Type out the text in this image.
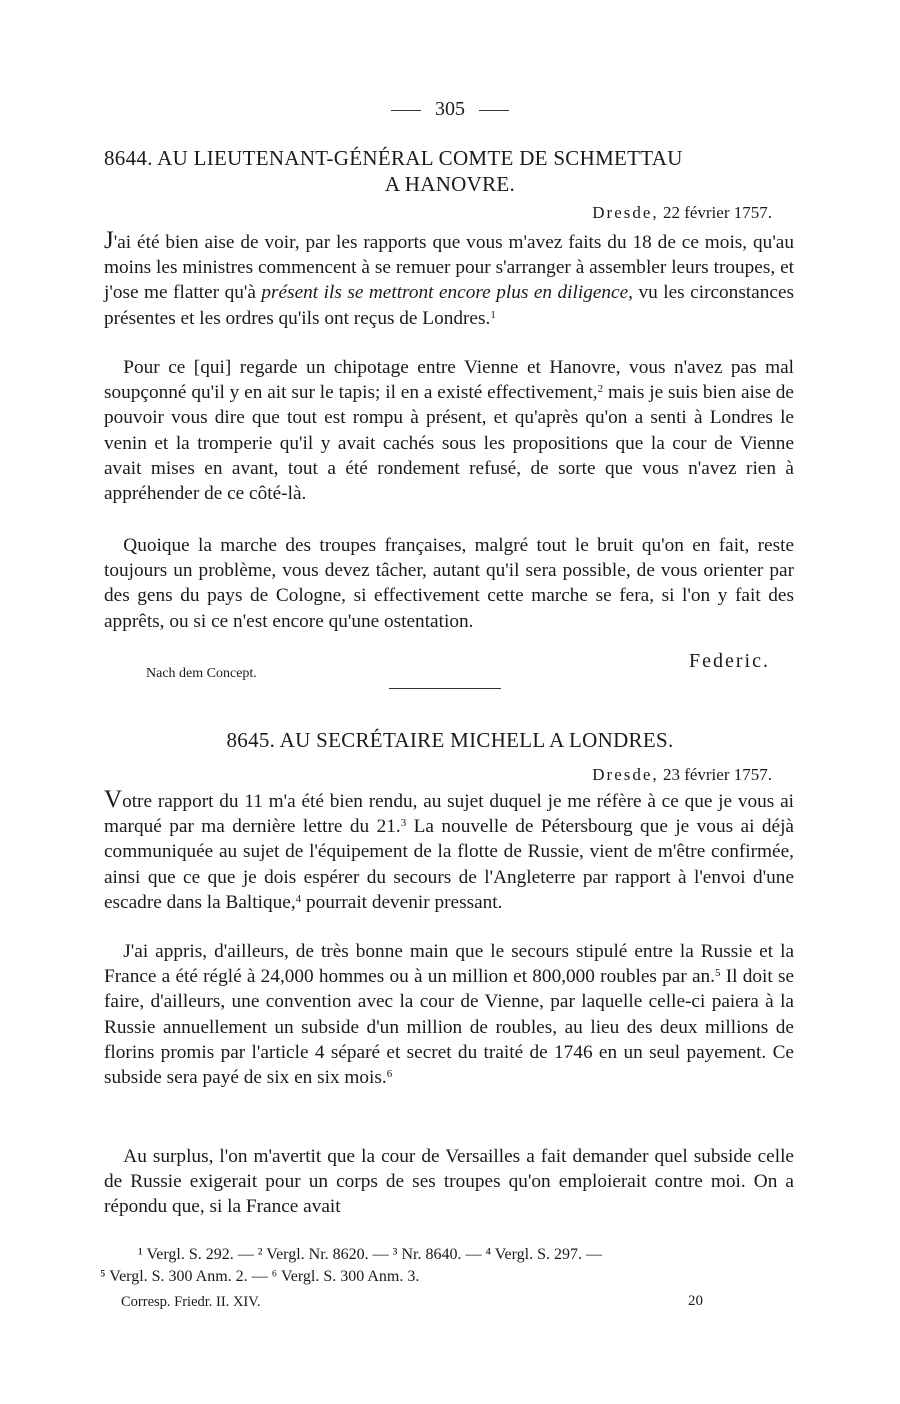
305
8644. AU LIEUTENANT-GÉNÉRAL COMTE DE SCHMETTAU
A HANOVRE.
Dresde, 22 février 1757.

J'ai été bien aise de voir, par les rapports que vous m'avez faits du 18 de ce mois, qu'au moins les ministres commencent à se remuer pour s'arranger à assembler leurs troupes, et j'ose me flatter qu'à présent ils se mettront encore plus en diligence, vu les circonstances présentes et les ordres qu'ils ont reçus de Londres.$^1$

 Pour ce [qui] regarde un chipotage entre Vienne et Hanovre, vous n'avez pas mal soupçonné qu'il y en ait sur le tapis; il en a existé effectivement,$^2$ mais je suis bien aise de pouvoir vous dire que tout est rompu à présent, et qu'après qu'on a senti à Londres le venin et la tromperie qu'il y avait cachés sous les propositions que la cour de Vienne avait mises en avant, tout a été rondement refusé, de sorte que vous n'avez rien à appréhender de ce côté-là.

 Quoique la marche des troupes françaises, malgré tout le bruit qu'on en fait, reste toujours un problème, vous devez tâcher, autant qu'il sera possible, de vous orienter par des gens du pays de Cologne, si effectivement cette marche se fera, si l'on y fait des apprêts, ou si ce n'est encore qu'une ostentation.

Federic.
Nach dem Concept.
8645. AU SECRÉTAIRE MICHELL A LONDRES.
Dresde, 23 février 1757.

Votre rapport du 11 m'a été bien rendu, au sujet duquel je me réfère à ce que je vous ai marqué par ma dernière lettre du 21.$^3$ La nouvelle de Pétersbourg que je vous ai déjà communiquée au sujet de l'équipement de la flotte de Russie, vient de m'être confirmée, ainsi que ce que je dois espérer du secours de l'Angleterre par rapport à l'envoi d'une escadre dans la Baltique,$^4$ pourrait devenir pressant.

 J'ai appris, d'ailleurs, de très bonne main que le secours stipulé entre la Russie et la France a été réglé à 24,000 hommes ou à un million et 800,000 roubles par an.$^5$ Il doit se faire, d'ailleurs, une convention avec la cour de Vienne, par laquelle celle-ci paiera à la Russie annuellement un subside d'un million de roubles, au lieu des deux millions de florins promis par l'article 4 séparé et secret du traité de 1746 en un seul payement. Ce subside sera payé de six en six mois.$^6$

 Au surplus, l'on m'avertit que la cour de Versailles a fait demander quel subside celle de Russie exigerait pour un corps de ses troupes qu'on emploierait contre moi. On a répondu que, si la France avait

¹ Vergl. S. 292. — ² Vergl. Nr. 8620. — ³ Nr. 8640. — ⁴ Vergl. S. 297. —
⁵ Vergl. S. 300 Anm. 2. — ⁶ Vergl. S. 300 Anm. 3.
Corresp. Friedr. II. XIV.	20
